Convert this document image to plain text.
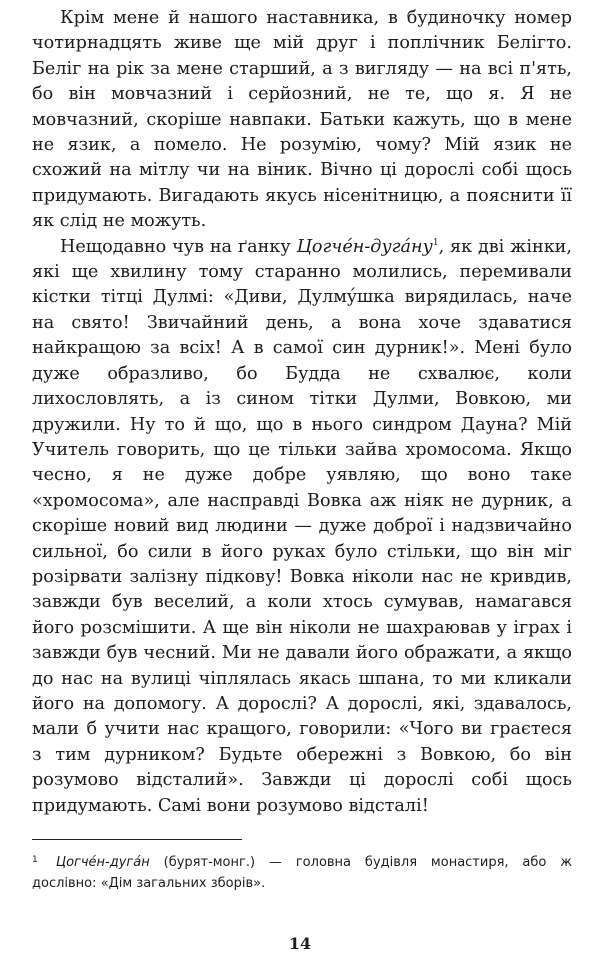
Крім мене й нашого наставника, в будиночку номер чотирнадцять живе ще мій друг і поплічник Белігто. Беліг на рік за мене старший, а з вигляду — на всі п'ять, бо він мовчазний і серйозний, не те, що я. Я не мовчазний, скоріше навпаки. Батьки кажуть, що в мене не язик, а помело. Не розумію, чому? Мій язик не схожий на мітлу чи на віник. Вічно ці дорослі собі щось придумають. Вигадають якусь нісенітницю, а пояснити її як слід не можуть.

Нещодавно чув на ґанку Цогчéн-дугáну$^1$, як дві жінки, які ще хвилину тому старанно молились, перемивали кістки тітці Дулмі: «Диви, Дулмýшка вирядилась, наче на свято! Звичайний день, а вона хоче здаватися найкращою за всіх! А в самої син дурник!». Мені було дуже образливо, бо Будда не схвалює, коли лихословлять, а із сином тітки Дулми, Вовкою, ми дружили. Ну то й що, що в нього синдром Дауна? Мій Учитель говорить, що це тільки зайва хромосома. Якщо чесно, я не дуже добре уявляю, що воно таке «хромосома», але насправді Вовка аж ніяк не дурник, а скоріше новий вид людини — дуже доброї і надзвичайно сильної, бо сили в його руках було стільки, що він міг розірвати залізну підкову! Вовка ніколи нас не кривдив, завжди був веселий, а коли хтось сумував, намагався його розсмішити. А ще він ніколи не шахраював у іграх і завжди був чесний. Ми не давали його ображати, а якщо до нас на вулиці чіплялась якась шпана, то ми кликали його на допомогу. А дорослі? А дорослі, які, здавалось, мали б учити нас кращого, говорили: «Чого ви граєтеся з тим дурником? Будьте обережні з Вовкою, бо він розумово відсталий». Завжди ці дорослі собі щось придумають. Самі вони розумово відсталі!

1 Цогчéн-дугáн (бурят-монг.) — головна будівля монастиря, або ж дослівно: «Дім загальних зборів».
14
